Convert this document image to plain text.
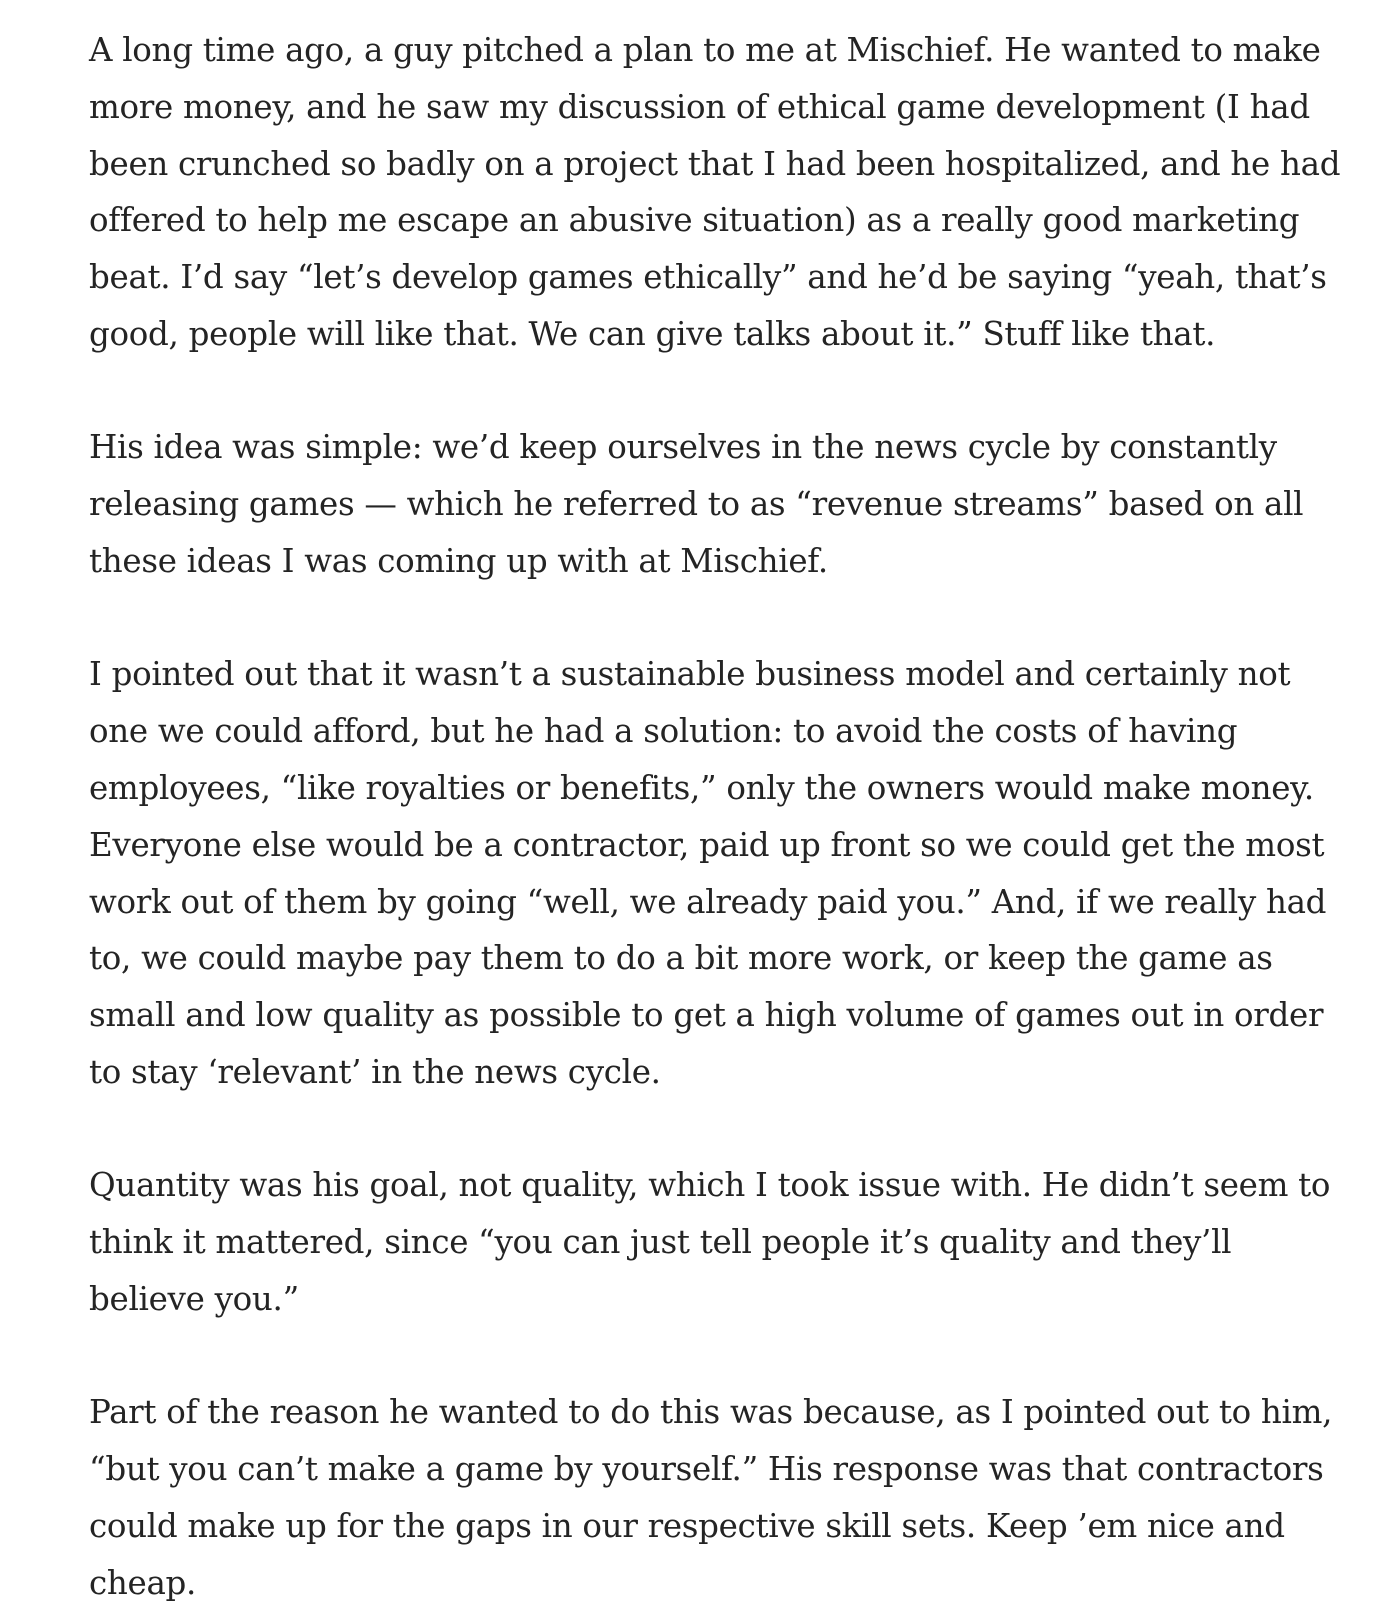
A long time ago, a guy pitched a plan to me at Mischief. He wanted to make more money, and he saw my discussion of ethical game development (I had been crunched so badly on a project that I had been hospitalized, and he had offered to help me escape an abusive situation) as a really good marketing beat. I’d say “let’s develop games ethically” and he’d be saying “yeah, that’s good, people will like that. We can give talks about it.” Stuff like that.

His idea was simple: we’d keep ourselves in the news cycle by constantly releasing games — which he referred to as “revenue streams” based on all these ideas I was coming up with at Mischief.

I pointed out that it wasn’t a sustainable business model and certainly not one we could afford, but he had a solution: to avoid the costs of having employees, “like royalties or benefits,” only the owners would make money. Everyone else would be a contractor, paid up front so we could get the most work out of them by going “well, we already paid you.” And, if we really had to, we could maybe pay them to do a bit more work, or keep the game as small and low quality as possible to get a high volume of games out in order to stay ‘relevant’ in the news cycle.

Quantity was his goal, not quality, which I took issue with. He didn’t seem to think it mattered, since “you can just tell people it’s quality and they’ll believe you.”

Part of the reason he wanted to do this was because, as I pointed out to him, “but you can’t make a game by yourself.” His response was that contractors could make up for the gaps in our respective skill sets. Keep ’em nice and cheap.
